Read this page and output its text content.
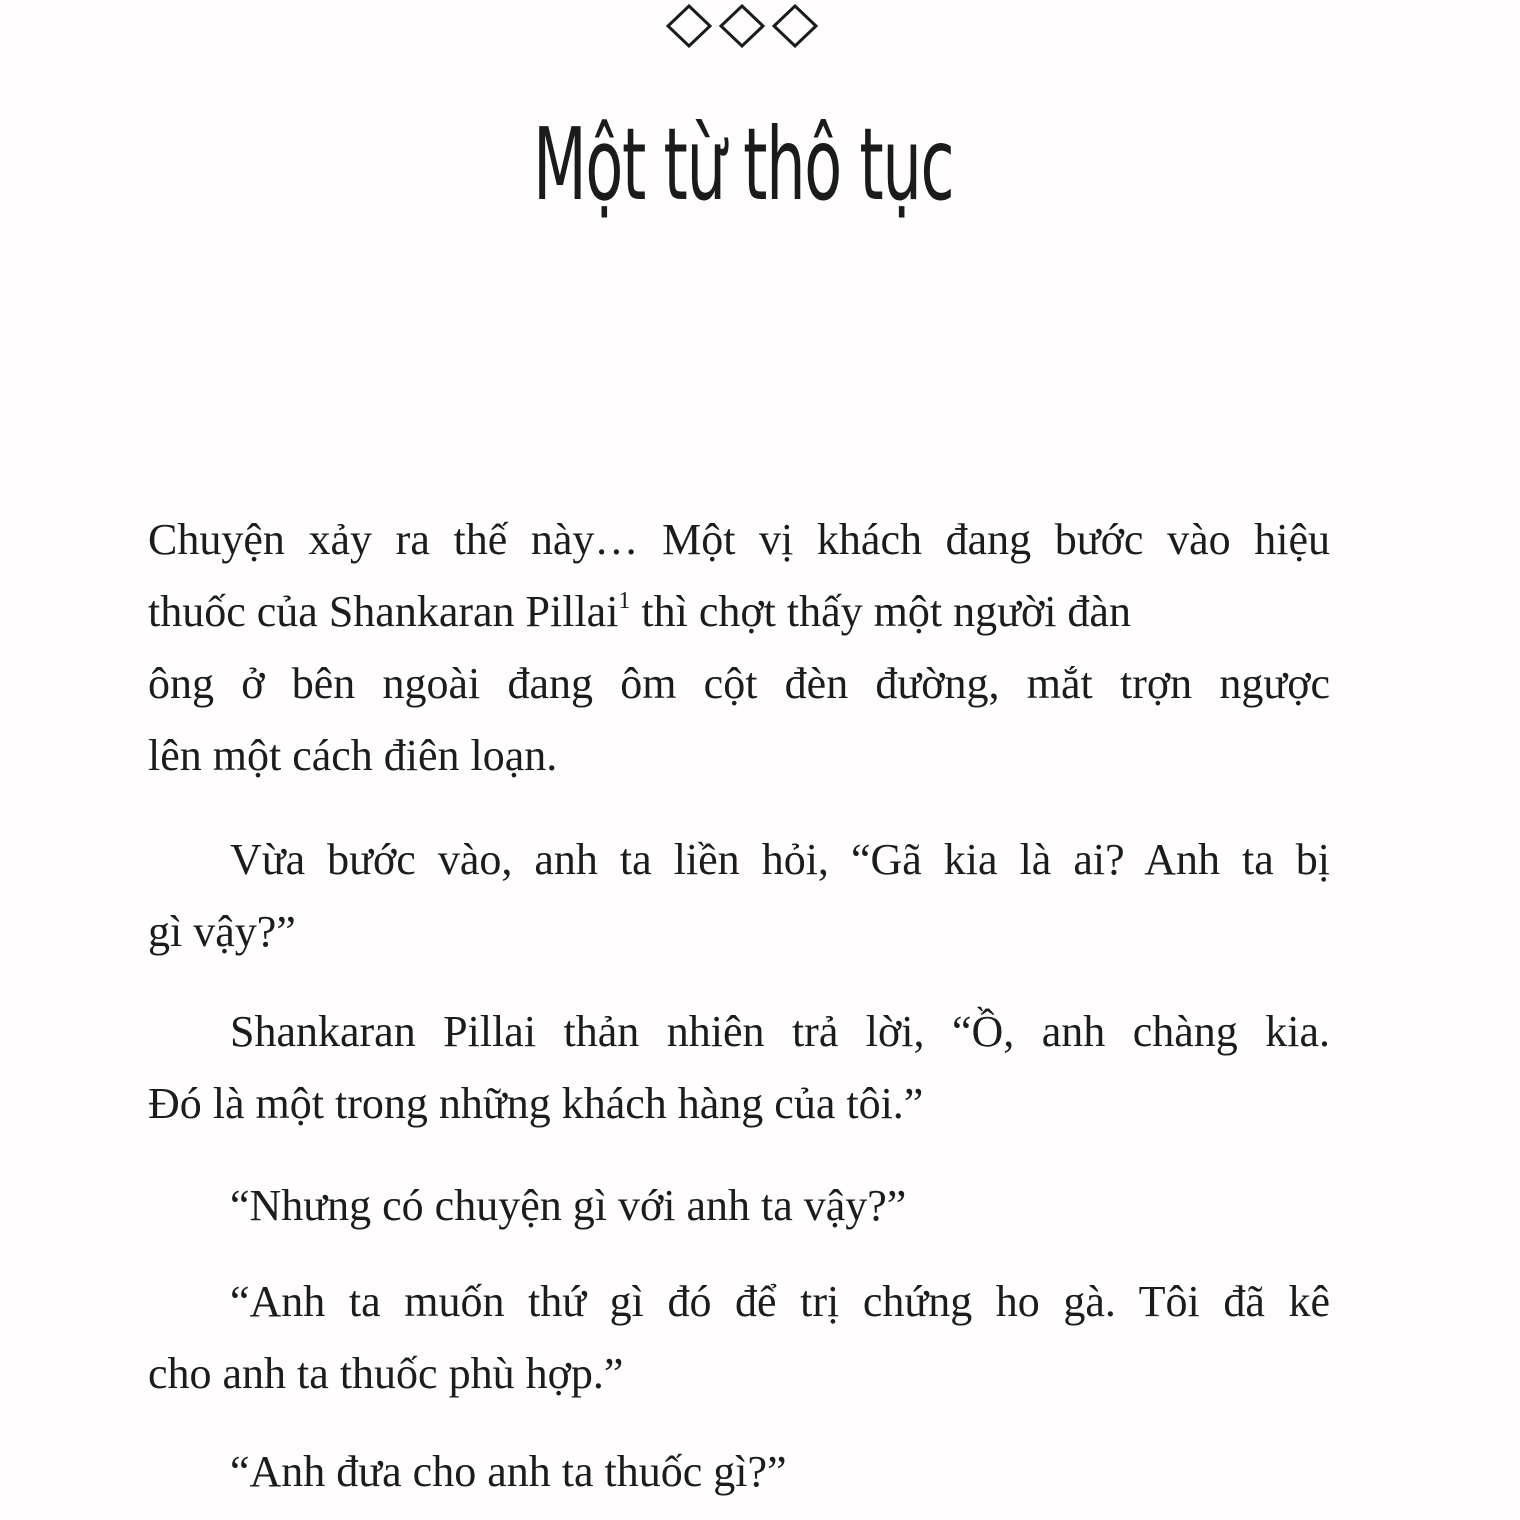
Một từ thô tục
Chuyện xảy ra thế này… Một vị khách đang bước vào hiệu
thuốc của Shankaran Pillai$^1$ thì chợt thấy một người đàn
ông ở bên ngoài đang ôm cột đèn đường, mắt trợn ngược
lên một cách điên loạn.
Vừa bước vào, anh ta liền hỏi, “Gã kia là ai? Anh ta bị
gì vậy?”
Shankaran Pillai thản nhiên trả lời, “Ồ, anh chàng kia.
Đó là một trong những khách hàng của tôi.”
“Nhưng có chuyện gì với anh ta vậy?”
“Anh ta muốn thứ gì đó để trị chứng ho gà. Tôi đã kê
cho anh ta thuốc phù hợp.”
“Anh đưa cho anh ta thuốc gì?”
